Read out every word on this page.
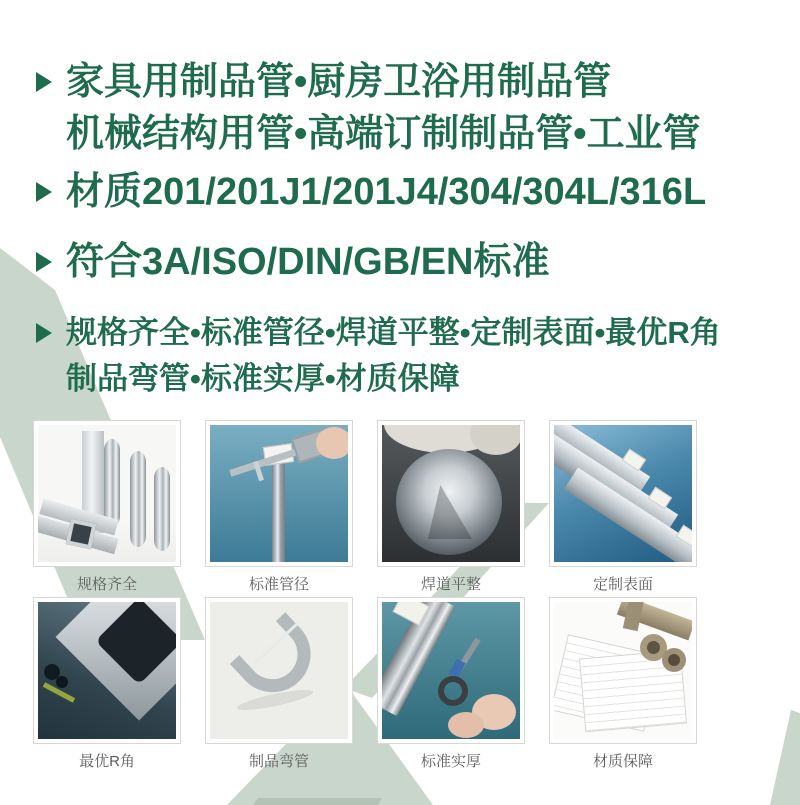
家具用制品管•厨房卫浴用制品管
机械结构用管•高端订制制品管•工业管
材质201/201J1/201J4/304/304L/316L
符合3A/ISO/DIN/GB/EN标准
规格齐全•标准管径•焊道平整•定制表面•最优R角
制品弯管•标准实厚•材质保障
规格齐全	标准管径	焊道平整	定制表面
最优R角	制品弯管	标准实厚	材质保障
